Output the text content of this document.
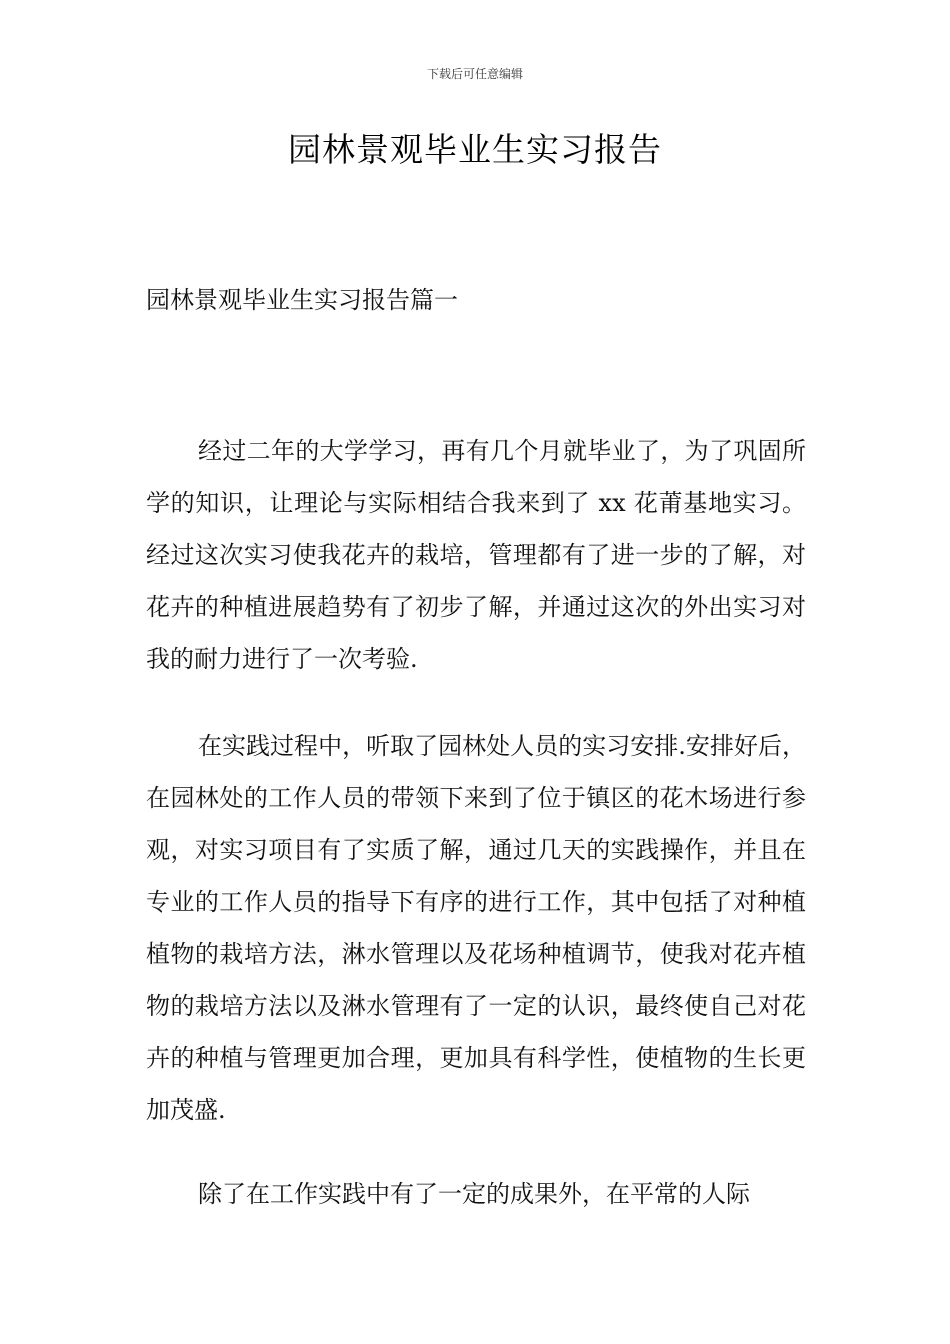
下载后可任意编辑
园林景观毕业生实习报告
园林景观毕业生实习报告篇一

经过二年的大学学习，再有几个月就毕业了，为了巩固所学的知识，让理论与实际相结合我来到了 xx 花莆基地实习。经过这次实习使我花卉的栽培，管理都有了进一步的了解，对花卉的种植进展趋势有了初步了解，并通过这次的外出实习对我的耐力进行了一次考验.

在实践过程中，听取了园林处人员的实习安排.安排好后，在园林处的工作人员的带领下来到了位于镇区的花木场进行参观，对实习项目有了实质了解，通过几天的实践操作，并且在专业的工作人员的指导下有序的进行工作，其中包括了对种植植物的栽培方法，淋水管理以及花场种植调节，使我对花卉植物的栽培方法以及淋水管理有了一定的认识，最终使自己对花卉的种植与管理更加合理，更加具有科学性，使植物的生长更加茂盛.

除了在工作实践中有了一定的成果外，在平常的人际
